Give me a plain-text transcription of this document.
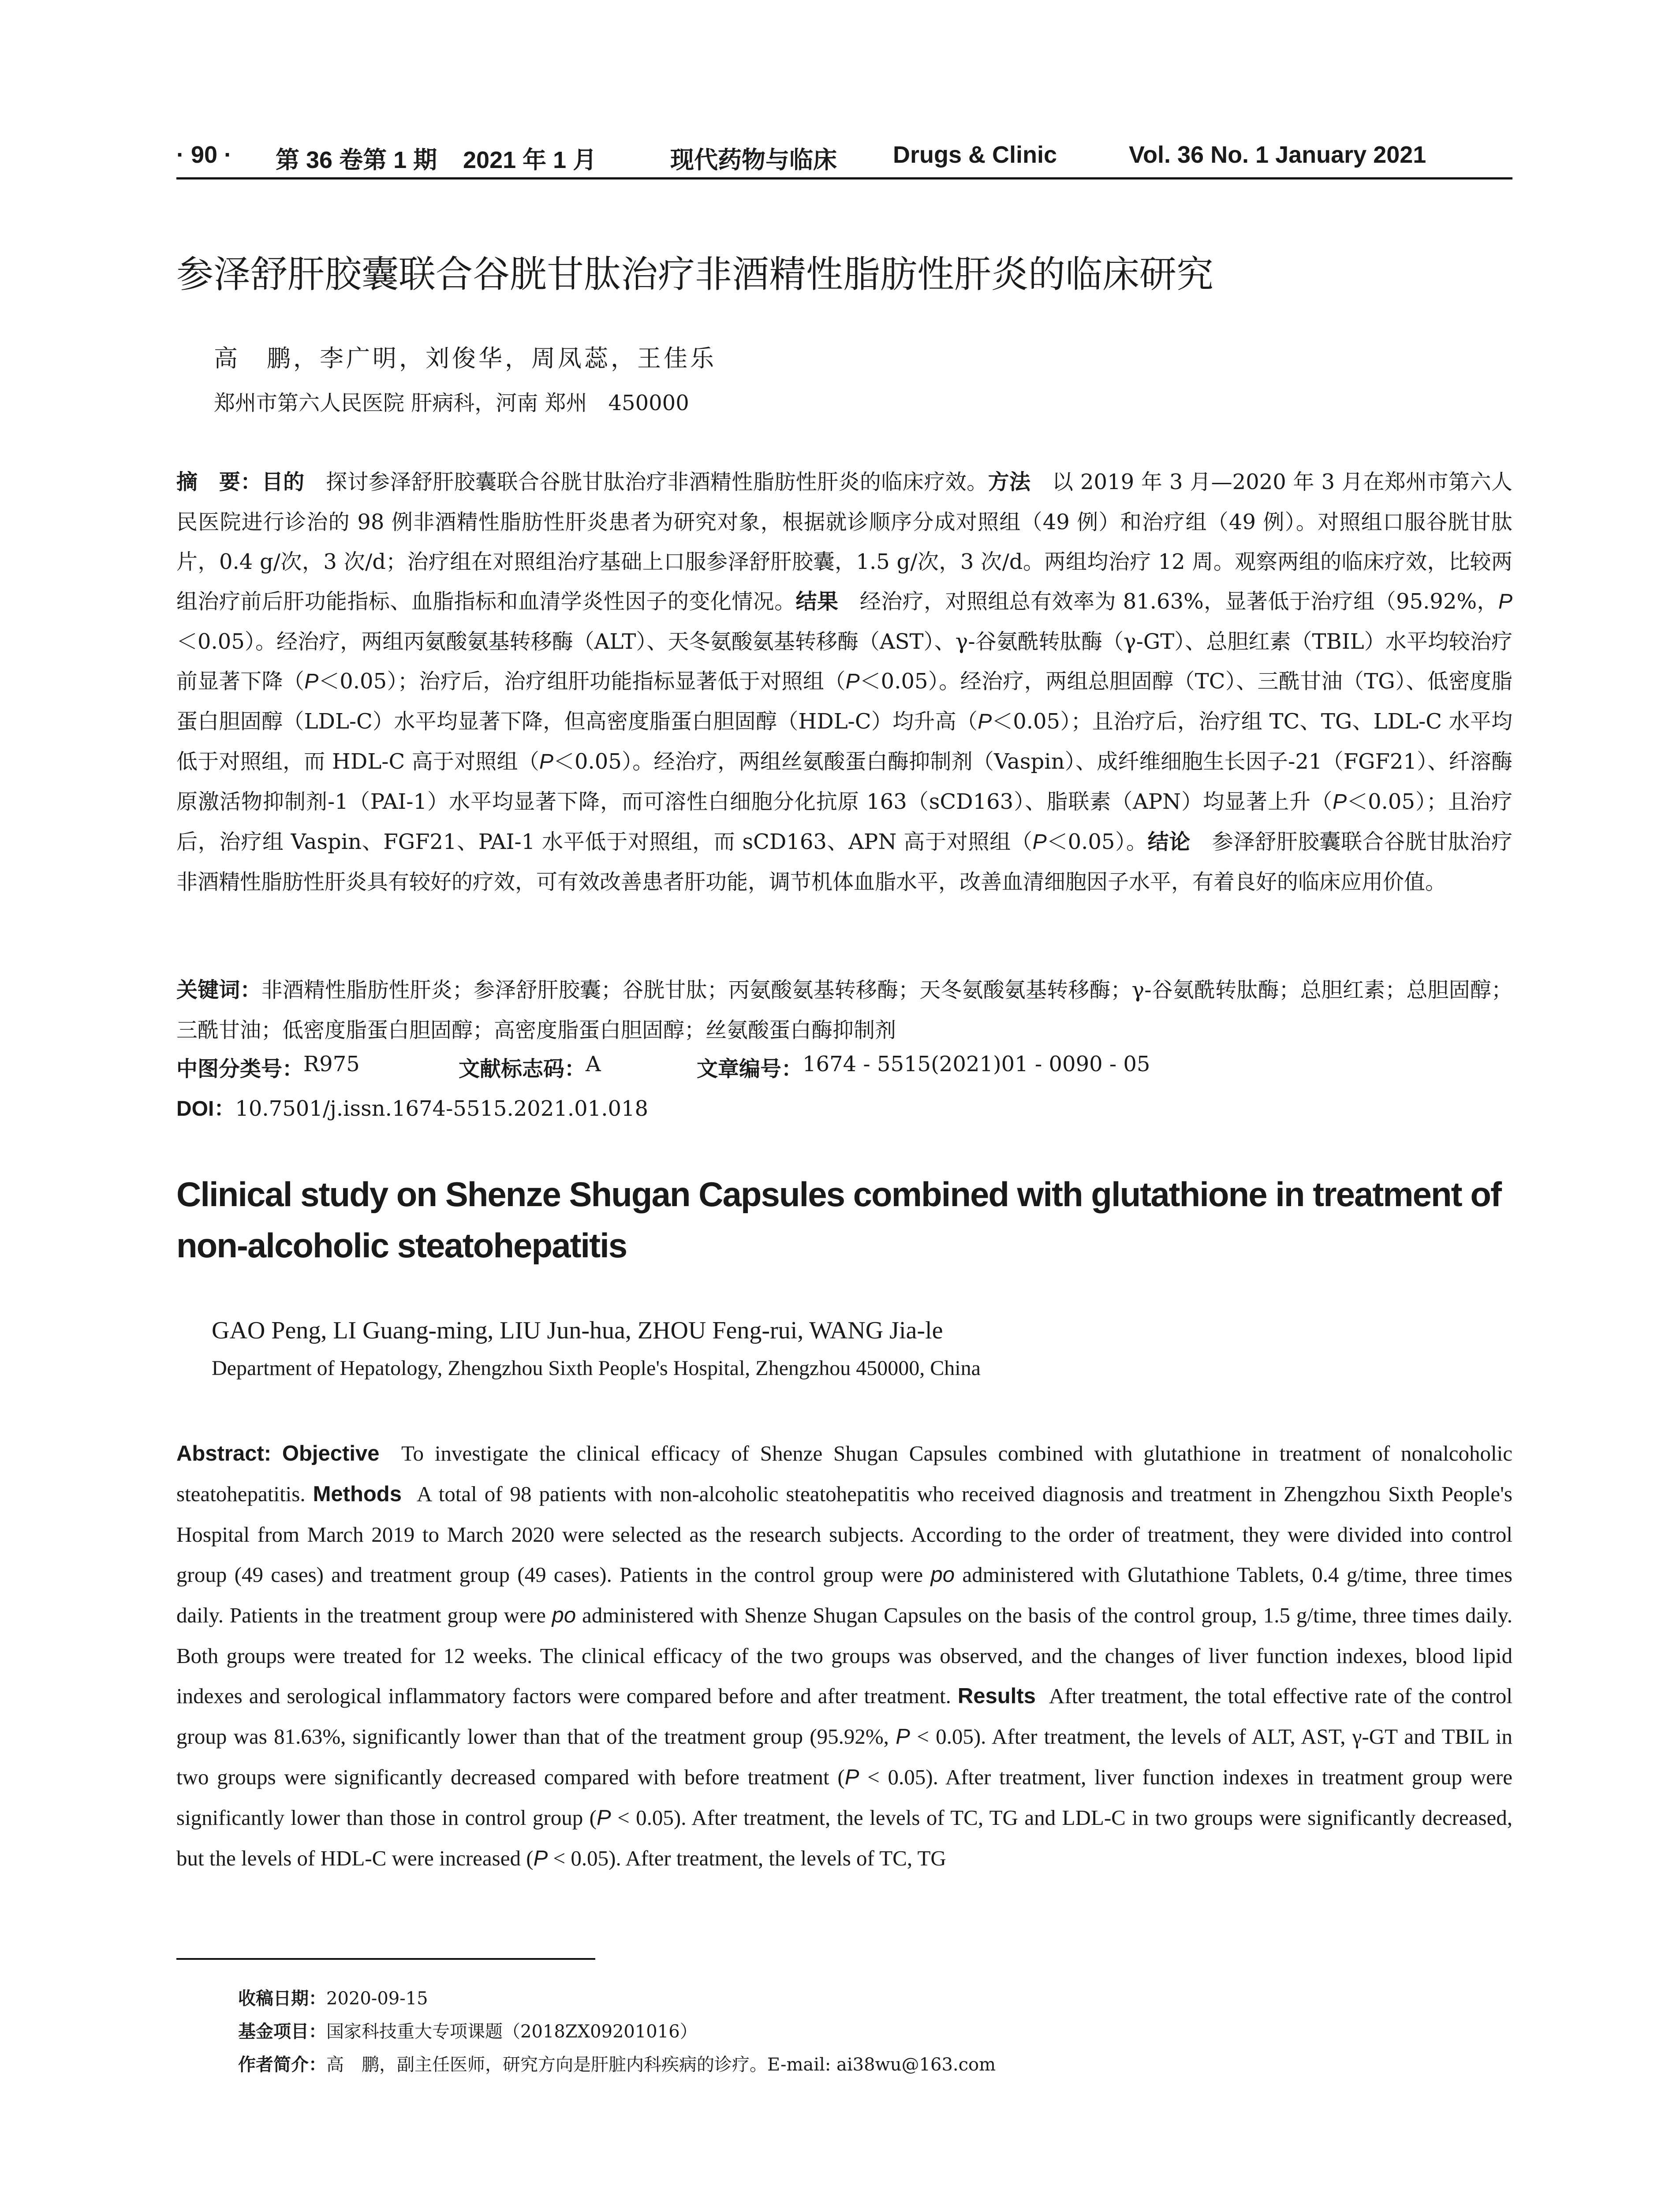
· 90 · 第 36 卷第 1 期 2021 年 1 月	现代药物与临床 Drugs & Clinic	Vol. 36 No. 1 January 2021
参泽舒肝胶囊联合谷胱甘肽治疗非酒精性脂肪性肝炎的临床研究
高　鹏，李广明，刘俊华，周凤蕊，王佳乐
郑州市第六人民医院 肝病科，河南 郑州　450000
摘　要：目的　 探讨参泽舒肝胶囊联合谷胱甘肽治疗非酒精性脂肪性肝炎的临床疗效。方法　 以 2019 年 3 月—2020 年 3 月在郑州市第六人民医院进行诊治的 98 例非酒精性脂肪性肝炎患者为研究对象，根据就诊顺序分成对照组（49 例）和治疗组（49 例）。对照组口服谷胱甘肽片，0.4 g/次，3 次/d；治疗组在对照组治疗基础上口服参泽舒肝胶囊，1.5 g/次，3 次/d。两组均治疗 12 周。观察两组的临床疗效，比较两组治疗前后肝功能指标、血脂指标和血清学炎性因子的变化情况。结果　 经治疗，对照组总有效率为 81.63%，显著低于治疗组（95.92%，P＜0.05）。经治疗，两组丙氨酸氨基转移酶（ALT）、天冬氨酸氨基转移酶（AST）、γ-谷氨酰转肽酶（γ-GT）、总胆红素（TBIL）水平均较治疗前显著下降（P＜0.05）；治疗后，治疗组肝功能指标显著低于对照组（P＜0.05）。经治疗，两组总胆固醇（TC）、三酰甘油（TG）、低密度脂蛋白胆固醇（LDL-C）水平均显著下降，但高密度脂蛋白胆固醇（HDL-C）均升高（P＜0.05）；且治疗后，治疗组 TC、TG、LDL-C 水平均低于对照组，而 HDL-C 高于对照组（P＜0.05）。经治疗，两组丝氨酸蛋白酶抑制剂（Vaspin）、成纤维细胞生长因子-21（FGF21）、纤溶酶原激活物抑制剂-1（PAI-1）水平均显著下降，而可溶性白细胞分化抗原 163（sCD163）、脂联素（APN）均显著上升（P＜0.05）；且治疗后，治疗组 Vaspin、FGF21、PAI-1 水平低于对照组，而 sCD163、APN 高于对照组（P＜0.05）。结论　 参泽舒肝胶囊联合谷胱甘肽治疗非酒精性脂肪性肝炎具有较好的疗效，可有效改善患者肝功能，调节机体血脂水平，改善血清细胞因子水平，有着良好的临床应用价值。
关键词：非酒精性脂肪性肝炎；参泽舒肝胶囊；谷胱甘肽；丙氨酸氨基转移酶；天冬氨酸氨基转移酶；γ-谷氨酰转肽酶；总胆红素；总胆固醇；三酰甘油；低密度脂蛋白胆固醇；高密度脂蛋白胆固醇；丝氨酸蛋白酶抑制剂
中图分类号： R975	文献标志码： A	文章编号： 1674 - 5515(2021)01 - 0090 - 05
DOI：10.7501/j.issn.1674-5515.2021.01.018
Clinical study on Shenze Shugan Capsules combined with glutathione in treatment of non-alcoholic steatohepatitis
GAO Peng, LI Guang-ming, LIU Jun-hua, ZHOU Feng-rui, WANG Jia-le
Department of Hepatology, Zhengzhou Sixth People's Hospital, Zhengzhou 450000, China
Abstract: Objective To investigate the clinical efficacy of Shenze Shugan Capsules combined with glutathione in treatment of nonalcoholic steatohepatitis. Methods A total of 98 patients with non-alcoholic steatohepatitis who received diagnosis and treatment in Zhengzhou Sixth People's Hospital from March 2019 to March 2020 were selected as the research subjects. According to the order of treatment, they were divided into control group (49 cases) and treatment group (49 cases). Patients in the control group were po administered with Glutathione Tablets, 0.4 g/time, three times daily. Patients in the treatment group were po administered with Shenze Shugan Capsules on the basis of the control group, 1.5 g/time, three times daily. Both groups were treated for 12 weeks. The clinical efficacy of the two groups was observed, and the changes of liver function indexes, blood lipid indexes and serological inflammatory factors were compared before and after treatment. Results After treatment, the total effective rate of the control group was 81.63%, significantly lower than that of the treatment group (95.92%, P < 0.05). After treatment, the levels of ALT, AST, γ-GT and TBIL in two groups were significantly decreased compared with before treatment (P < 0.05). After treatment, liver function indexes in treatment group were significantly lower than those in control group (P < 0.05). After treatment, the levels of TC, TG and LDL-C in two groups were significantly decreased, but the levels of HDL-C were increased (P < 0.05). After treatment, the levels of TC, TG
收稿日期：2020-09-15
基金项目：国家科技重大专项课题（2018ZX09201016）
作者简介：高　鹏，副主任医师，研究方向是肝脏内科疾病的诊疗。E-mail: ai38wu@163.com
